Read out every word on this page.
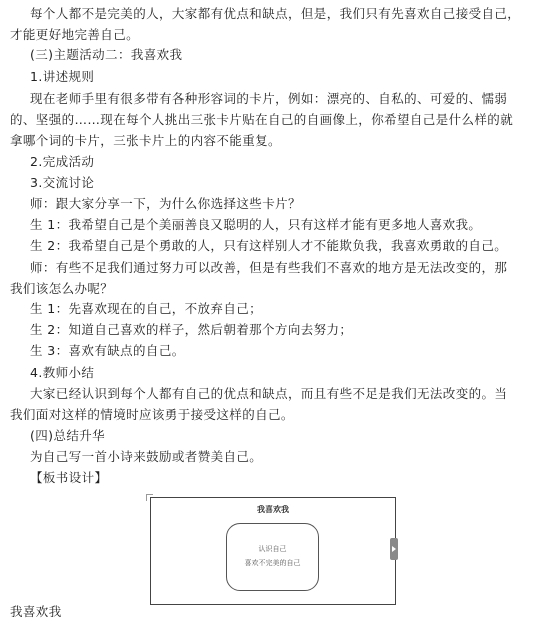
每个人都不是完美的人，大家都有优点和缺点，但是，我们只有先喜欢自己接受自己，
才能更好地完善自己。
(三)主题活动二：我喜欢我
1.讲述规则
现在老师手里有很多带有各种形容词的卡片，例如：漂亮的、自私的、可爱的、懦弱
的、坚强的……现在每个人挑出三张卡片贴在自己的自画像上，你希望自己是什么样的就
拿哪个词的卡片，三张卡片上的内容不能重复。
2.完成活动
3.交流讨论
师：跟大家分享一下，为什么你选择这些卡片？
生 1：我希望自己是个美丽善良又聪明的人，只有这样才能有更多地人喜欢我。
生 2：我希望自己是个勇敢的人，只有这样别人才不能欺负我，我喜欢勇敢的自己。
师：有些不足我们通过努力可以改善，但是有些我们不喜欢的地方是无法改变的，那
我们该怎么办呢？
生 1：先喜欢现在的自己，不放弃自己；
生 2：知道自己喜欢的样子，然后朝着那个方向去努力；
生 3：喜欢有缺点的自己。
4.教师小结
大家已经认识到每个人都有自己的优点和缺点，而且有些不足是我们无法改变的。当
我们面对这样的情境时应该勇于接受这样的自己。
(四)总结升华
为自己写一首小诗来鼓励或者赞美自己。
【板书设计】
我喜欢我
认识自己
喜欢不完美的自己
我喜欢我
